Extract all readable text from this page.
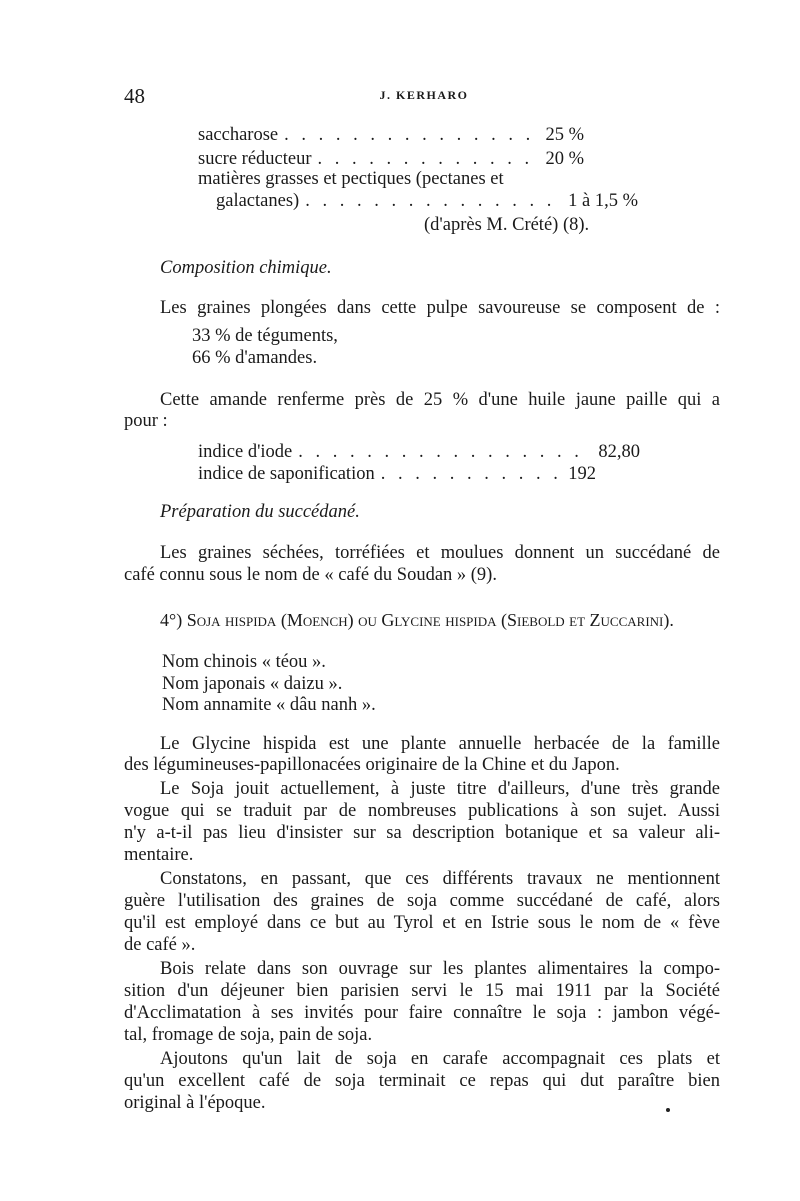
48	J. KERHARO
saccharose . . .	25 %
sucre réducteur . . .	20 %
matières grasses et pectiques (pectanes et
galactanes) . . .	1 à 1,5 %
(d'après M. Crété) (8).
Composition chimique.
Les graines plongées dans cette pulpe savoureuse se composent de :
33 % de téguments,
66 % d'amandes.
Cette amande renferme près de 25 % d'une huile jaune paille qui a
pour :
indice d'iode . . .	82,80
indice de saponification . . .	192
Préparation du succédané.
Les graines séchées, torréfiées et moulues donnent un succédané de
café connu sous le nom de « café du Soudan » (9).
4°) Soja hispida (Moench) ou Glycine hispida (Siebold et Zuccarini).
Nom chinois « téou ».
Nom japonais « daizu ».
Nom annamite « dâu nanh ».
Le Glycine hispida est une plante annuelle herbacée de la famille
des légumineuses-papillonacées originaire de la Chine et du Japon.
Le Soja jouit actuellement, à juste titre d'ailleurs, d'une très grande
vogue qui se traduit par de nombreuses publications à son sujet. Aussi
n'y a-t-il pas lieu d'insister sur sa description botanique et sa valeur ali-
mentaire.
Constatons, en passant, que ces différents travaux ne mentionnent
guère l'utilisation des graines de soja comme succédané de café, alors
qu'il est employé dans ce but au Tyrol et en Istrie sous le nom de « fève
de café ».
Bois relate dans son ouvrage sur les plantes alimentaires la compo-
sition d'un déjeuner bien parisien servi le 15 mai 1911 par la Société
d'Acclimatation à ses invités pour faire connaître le soja : jambon végé-
tal, fromage de soja, pain de soja.
Ajoutons qu'un lait de soja en carafe accompagnait ces plats et
qu'un excellent café de soja terminait ce repas qui dut paraître bien
original à l'époque.
